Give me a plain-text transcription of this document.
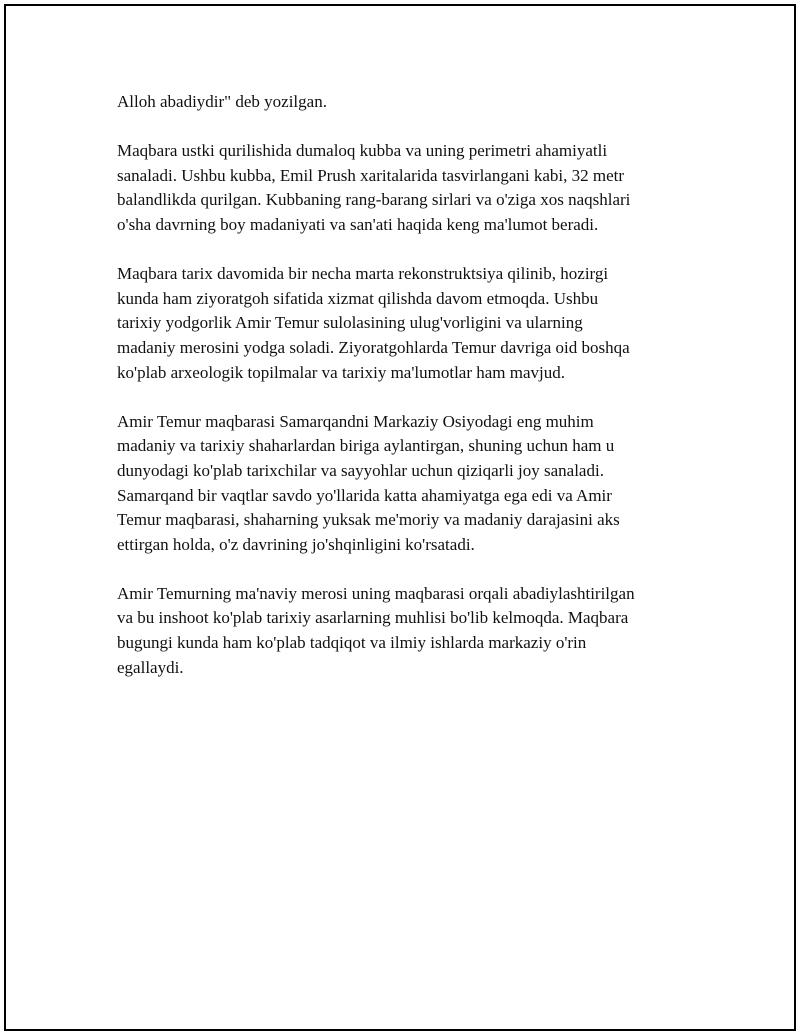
Alloh abadiydir" deb yozilgan.

Maqbara ustki qurilishida dumaloq kubba va uning perimetri ahamiyatli
sanaladi. Ushbu kubba, Emil Prush xaritalarida tasvirlangani kabi, 32 metr
balandlikda qurilgan. Kubbaning rang-barang sirlari va o'ziga xos naqshlari
o'sha davrning boy madaniyati va san'ati haqida keng ma'lumot beradi.

Maqbara tarix davomida bir necha marta rekonstruktsiya qilinib, hozirgi
kunda ham ziyoratgoh sifatida xizmat qilishda davom etmoqda. Ushbu
tarixiy yodgorlik Amir Temur sulolasining ulug'vorligini va ularning
madaniy merosini yodga soladi. Ziyoratgohlarda Temur davriga oid boshqa
ko'plab arxeologik topilmalar va tarixiy ma'lumotlar ham mavjud.

Amir Temur maqbarasi Samarqandni Markaziy Osiyodagi eng muhim
madaniy va tarixiy shaharlardan biriga aylantirgan, shuning uchun ham u
dunyodagi ko'plab tarixchilar va sayyohlar uchun qiziqarli joy sanaladi.
Samarqand bir vaqtlar savdo yo'llarida katta ahamiyatga ega edi va Amir
Temur maqbarasi, shaharning yuksak me'moriy va madaniy darajasini aks
ettirgan holda, o'z davrining jo'shqinligini ko'rsatadi.

Amir Temurning ma'naviy merosi uning maqbarasi orqali abadiylashtirilgan
va bu inshoot ko'plab tarixiy asarlarning muhlisi bo'lib kelmoqda. Maqbara
bugungi kunda ham ko'plab tadqiqot va ilmiy ishlarda markaziy o'rin
egallaydi.
